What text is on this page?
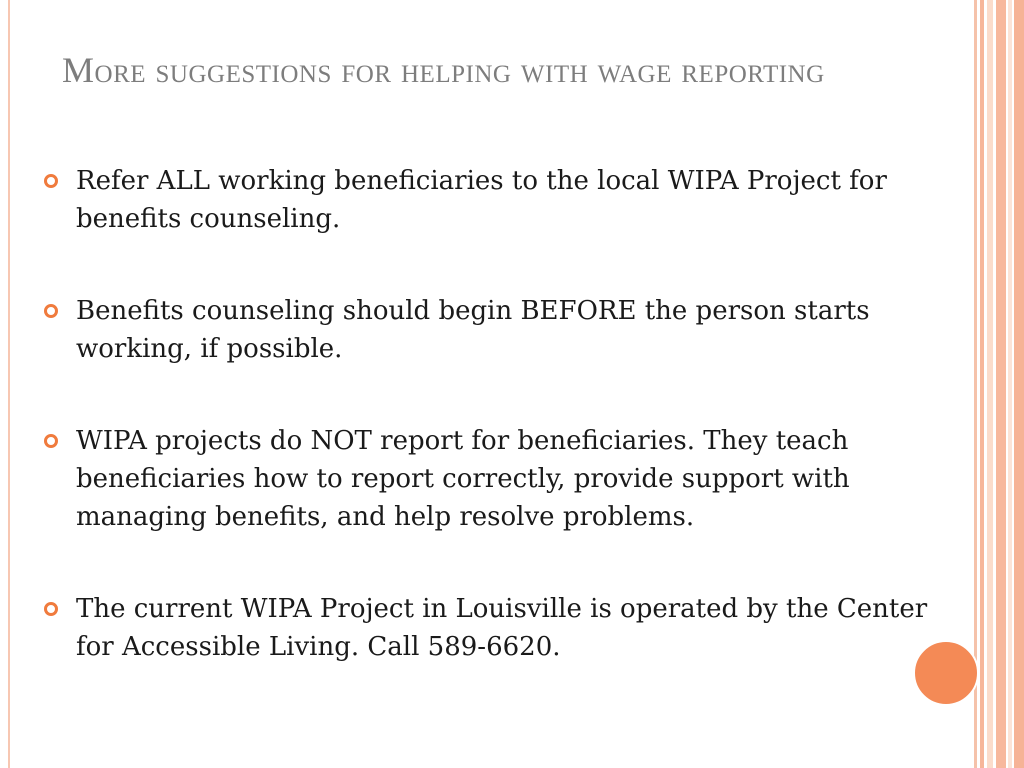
More suggestions for helping with wage reporting
Refer ALL working beneficiaries to the local WIPA Project for benefits counseling.
Benefits counseling should begin BEFORE the person starts working, if possible.
WIPA projects do NOT report for beneficiaries. They teach beneficiaries how to report correctly, provide support with managing benefits, and help resolve problems.
The current WIPA Project in Louisville is operated by the Center for Accessible Living. Call 589-6620.
